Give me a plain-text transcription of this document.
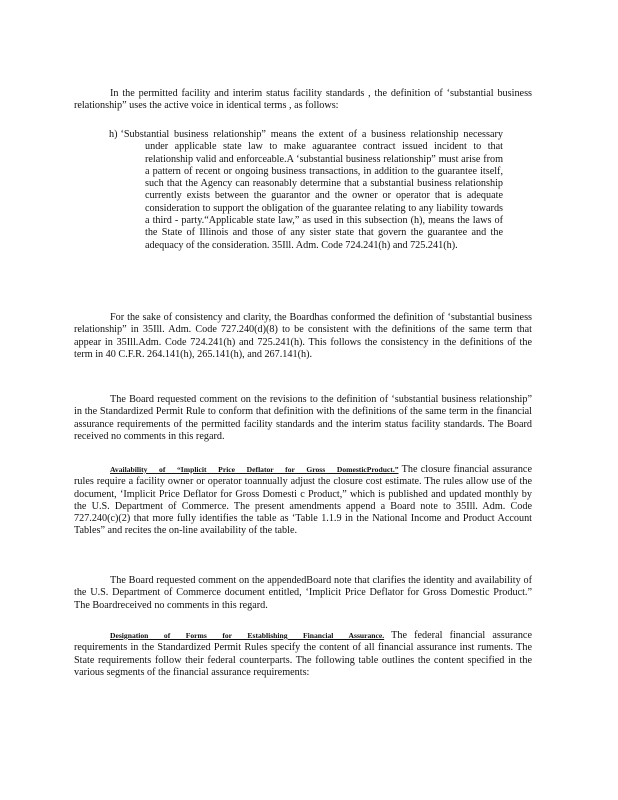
In the permitted facility and interim status facility standards , the definition of ‘substantial business relationship” uses the active voice in identical terms , as follows:

h) ‘Substantial business relationship” means the extent of a business relationship necessary under applicable state law to make aguarantee contract issued incident to that relationship valid and enforceable.A ‘substantial business relationship” must arise from a pattern of recent or ongoing business transactions, in addition to the guarantee itself, such that the Agency can reasonably determine that a substantial business relationship currently exists between the guarantor and the owner or operator that is adequate consideration to support the obligation of the guarantee relating to any liability towards a third - party.“Applicable state law,” as used in this subsection (h), means the laws of the State of Illinois and those of any sister state that govern the guarantee and the adequacy of the consideration. 35Ill. Adm. Code 724.241(h) and 725.241(h).

For the sake of consistency and clarity, the Boardhas conformed the definition of ‘substantial business relationship” in 35Ill. Adm. Code 727.240(d)(8) to be consistent with the definitions of the same term that appear in 35Ill.Adm. Code 724.241(h) and 725.241(h). This follows the consistency in the definitions of the term in 40 C.F.R. 264.141(h), 265.141(h), and 267.141(h).

The Board requested comment on the revisions to the definition of ‘substantial business relationship” in the Standardized Permit Rule to conform that definition with the definitions of the same term in the financial assurance requirements of the permitted facility standards and the interim status facility standards. The Board received no comments in this regard.

Availability of “Implicit Price Deflator for Gross DomesticProduct.” The closure financial assurance rules require a facility owner or operator toannually adjust the closure cost estimate. The rules allow use of the document, ‘Implicit Price Deflator for Gross Domesti c Product,” which is published and updated monthly by the U.S. Department of Commerce. The present amendments append a Board note to 35Ill. Adm. Code 727.240(c)(2) that more fully identifies the table as ‘Table 1.1.9 in the National Income and Product Account Tables” and recites the on-line availability of the table.

The Board requested comment on the appendedBoard note that clarifies the identity and availability of the U.S. Department of Commerce document entitled, ‘Implicit Price Deflator for Gross Domestic Product.” The Boardreceived no comments in this regard.

Designation of Forms for Establishing Financial Assurance. The federal financial assurance requirements in the Standardized Permit Rules specify the content of all financial assurance inst ruments. The State requirements follow their federal counterparts. The following table outlines the content specified in the various segments of the financial assurance requirements:
